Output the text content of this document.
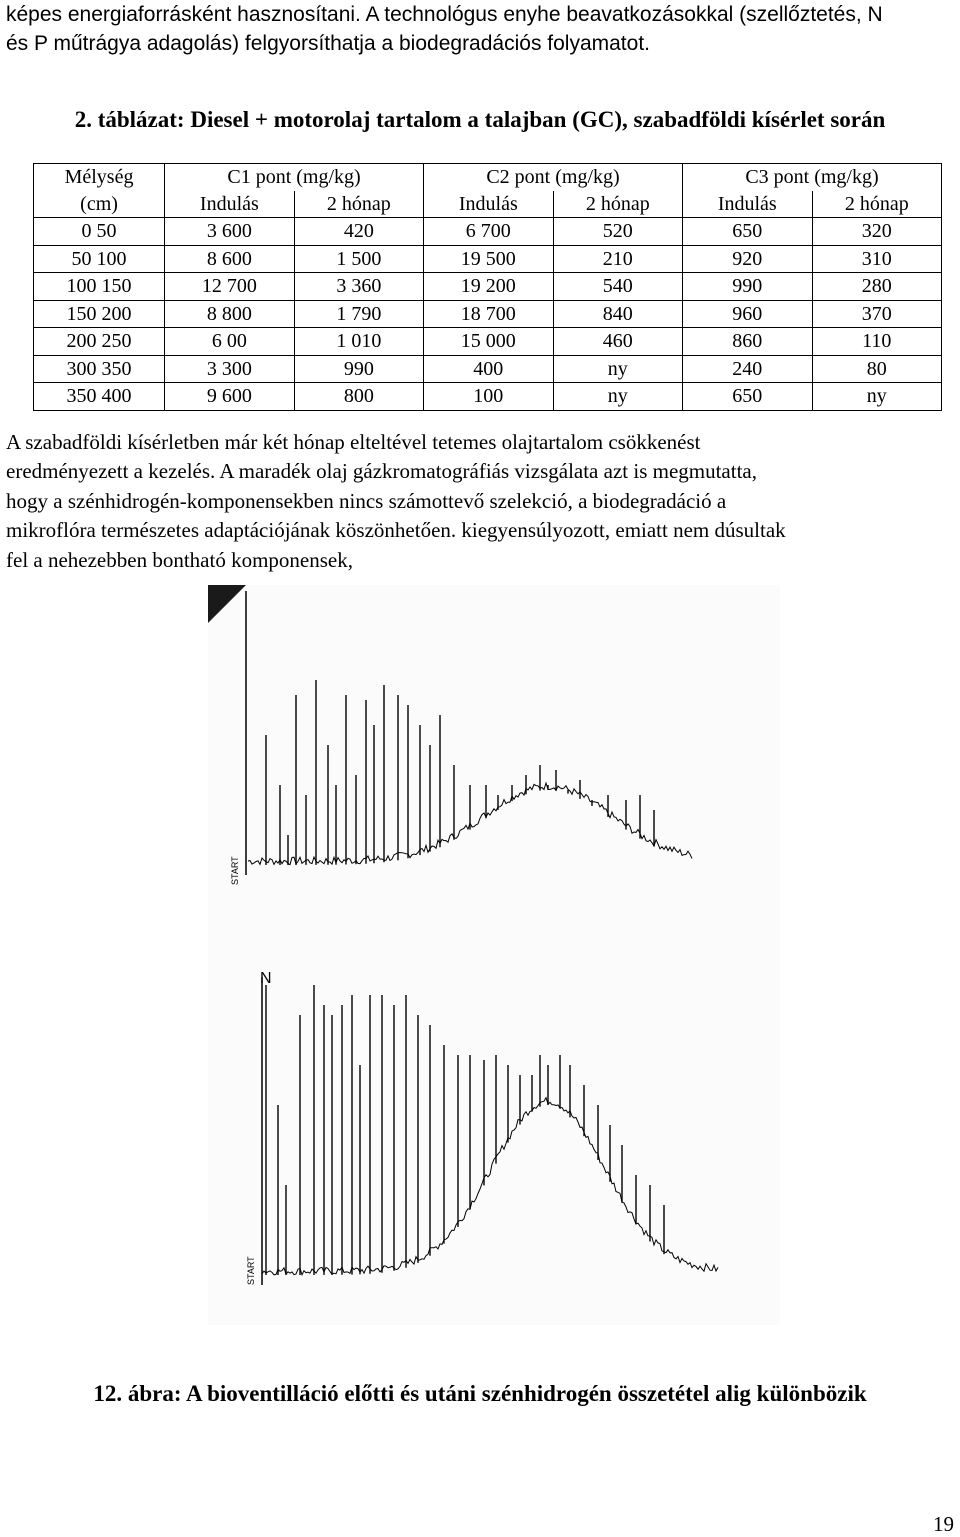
képes energiaforrásként hasznosítani. A technológus enyhe beavatkozásokkal (szellőztetés, N

és P műtrágya adagolás) felgyorsíthatja a biodegradációs folyamatot.

2. táblázat: Diesel + motorolaj tartalom a talajban (GC), szabadföldi kísérlet során
Mélység	C1 pont (mg/kg)		C2 pont (mg/kg)		C3 pont (mg/kg)	
(cm)	Indulás	2 hónap	Indulás	2 hónap	Indulás	2 hónap
0 50	3 600	420	6 700	520	650	320
50 100	8 600	1 500	19 500	210	920	310
100 150	12 700	3 360	19 200	540	990	280
150 200	8 800	1 790	18 700	840	960	370
200 250	6 00	1 010	15 000	460	860	110
300 350	3 300	990	400	ny	240	80
350 400	9 600	800	100	ny	650	ny

A szabadföldi kísérletben már két hónap elteltével tetemes olajtartalom csökkenést

eredményezett a kezelés. A maradék olaj gázkromatográfiás vizsgálata azt is megmutatta,

hogy a szénhidrogén-komponensekben nincs számottevő szelekció, a biodegradáció a

mikroflóra természetes adaptációjának köszönhetően. kiegyensúlyozott, emiatt nem dúsultak

fel a nehezebben bontható komponensek,

START
START
N
12. ábra: A bioventilláció előtti és utáni szénhidrogén összetétel alig különbözik
19
